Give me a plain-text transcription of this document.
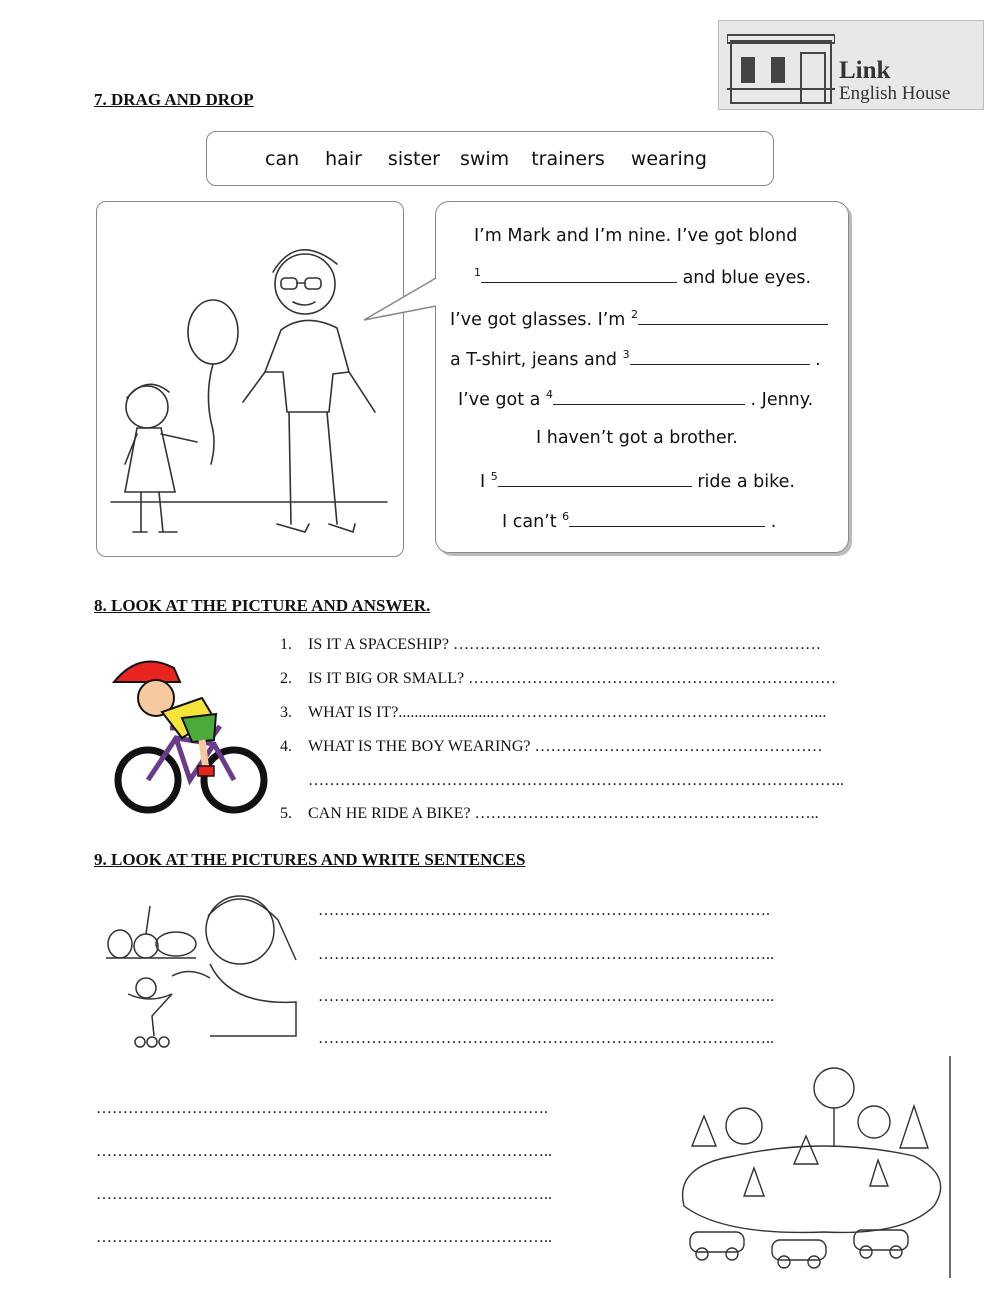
Link
English House
7. DRAG AND DROP
can hair sister swim trainers wearing
I’m Mark and I’m nine. I’ve got blond
$^1$	and blue eyes.
I’ve got glasses. I’m $^2$
a T-shirt, jeans and $^3$	.
I’ve got a $^4$	. Jenny.
I haven’t got a brother.
I $^5$	ride a bike.
I can’t $^6$	.
8. LOOK AT THE PICTURE AND ANSWER.
1. IS IT A SPACESHIP? ……………………………………………………………
2. IS IT BIG OR SMALL? ……………………………………………………………
3. WHAT IS IT?........................……………………………………………………...
4. WHAT IS THE BOY WEARING? ………………………………………………
………………………………………………………………………………………..
5. CAN HE RIDE A BIKE? ………………………………………………………..
9. LOOK AT THE PICTURES AND WRITE SENTENCES
………………………………………………………………………….
…………………………………………………………………………..
…………………………………………………………………………..
…………………………………………………………………………..
………………………………………………………………………….
…………………………………………………………………………..
…………………………………………………………………………..
…………………………………………………………………………..
